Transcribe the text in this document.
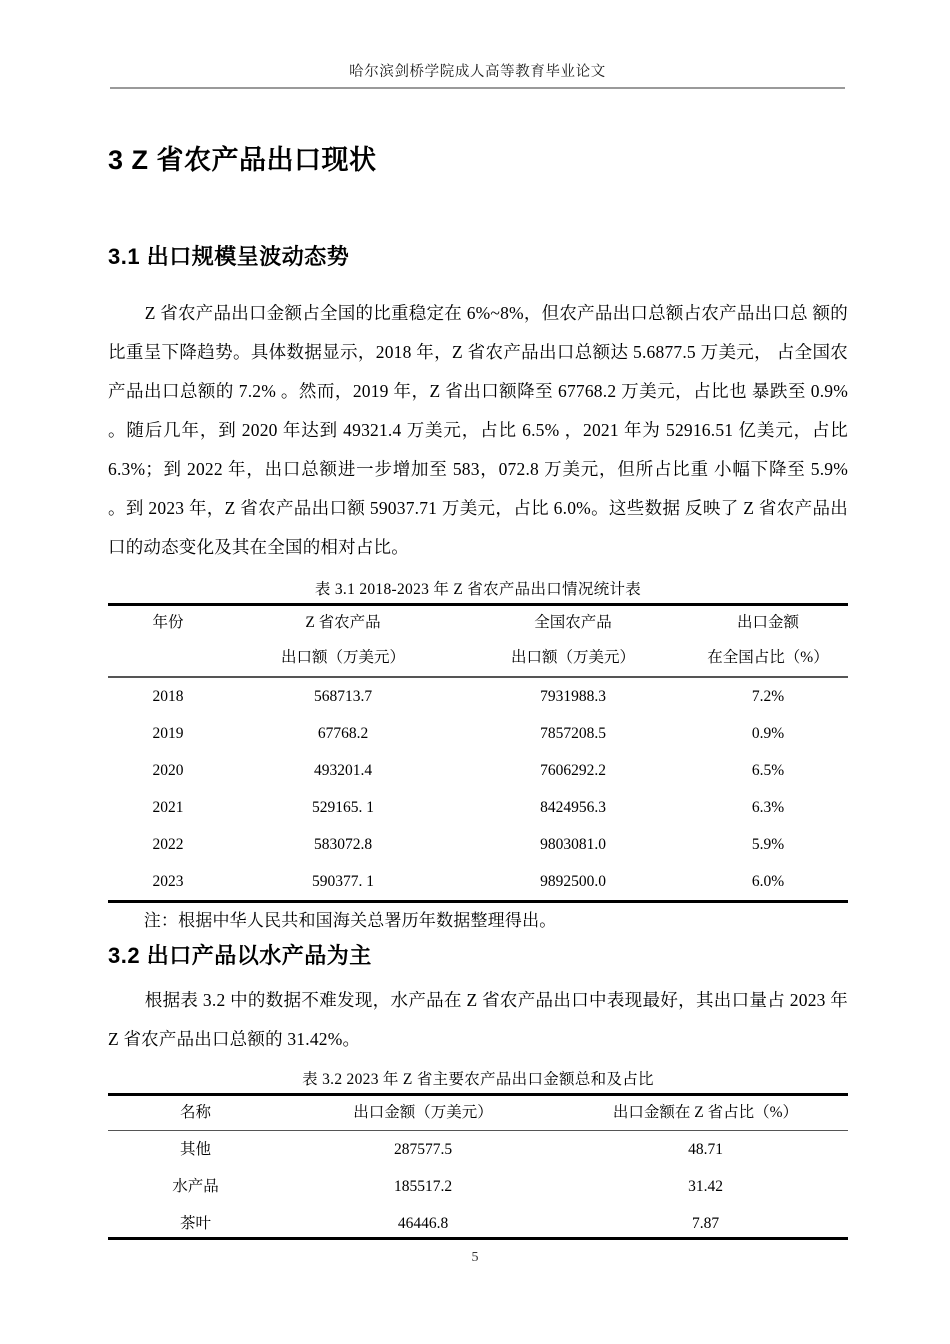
哈尔滨剑桥学院成人高等教育毕业论文
3 Z 省农产品出口现状
3.1 出口规模呈波动态势

Z 省农产品出口金额占全国的比重稳定在 6%~8%，但农产品出口总额占农产品出口总 额的比重呈下降趋势。具体数据显示，2018 年，Z 省农产品出口总额达 5.6877.5 万美元， 占全国农产品出口总额的 7.2% 。然而，2019 年，Z 省出口额降至 67768.2 万美元，占比也 暴跌至 0.9% 。随后几年，到 2020 年达到 49321.4 万美元，占比 6.5% ，2021 年为 52916.51 亿美元，占比 6.3%；到 2022 年，出口总额进一步增加至 583，072.8 万美元，但所占比重 小幅下降至 5.9% 。到 2023 年，Z 省农产品出口额 59037.71 万美元，占比 6.0%。这些数据 反映了 Z 省农产品出口的动态变化及其在全国的相对占比。

表 3.1 2018-2023 年 Z 省农产品出口情况统计表

年份	Z 省农产品	全国农产品	出口金额
	出口额（万美元）	出口额（万美元）	在全国占比（%）
2018	568713.7	7931988.3	7.2%
2019	67768.2	7857208.5	0.9%
2020	493201.4	7606292.2	6.5%
2021	529165. 1	8424956.3	6.3%
2022	583072.8	9803081.0	5.9%
2023	590377. 1	9892500.0	6.0%

注：根据中华人民共和国海关总署历年数据整理得出。

3.2 出口产品以水产品为主

根据表 3.2 中的数据不难发现，水产品在 Z 省农产品出口中表现最好，其出口量占 2023 年 Z 省农产品出口总额的 31.42%。

表 3.2 2023 年 Z 省主要农产品出口金额总和及占比

名称	出口金额（万美元）	出口金额在 Z 省占比（%）
其他	287577.5	48.71
水产品	185517.2	31.42
茶叶	46446.8	7.87
5
